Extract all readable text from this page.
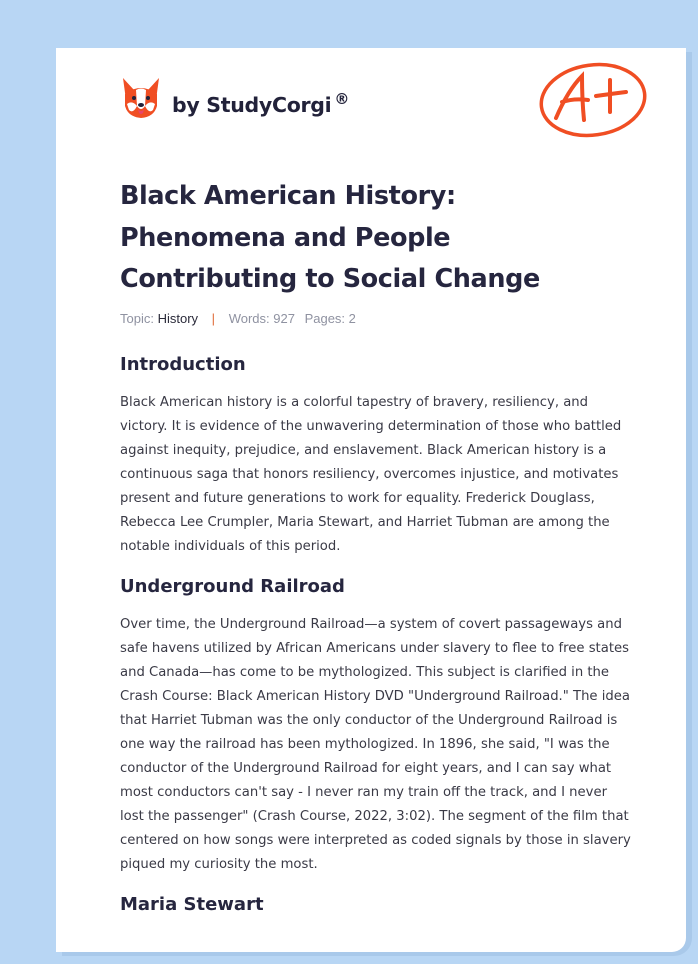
by StudyCorgi ®
A+
Black American History: Phenomena and People Contributing to Social Change
Topic: History | Words: 927 Pages: 2
Introduction

Black American history is a colorful tapestry of bravery, resiliency, and victory. It is evidence of the unwavering determination of those who battled against inequity, prejudice, and enslavement. Black American history is a continuous saga that honors resiliency, overcomes injustice, and motivates present and future generations to work for equality. Frederick Douglass, Rebecca Lee Crumpler, Maria Stewart, and Harriet Tubman are among the notable individuals of this period.

Underground Railroad

Over time, the Underground Railroad—a system of covert passageways and safe havens utilized by African Americans under slavery to flee to free states and Canada—has come to be mythologized. This subject is clarified in the Crash Course: Black American History DVD "Underground Railroad." The idea that Harriet Tubman was the only conductor of the Underground Railroad is one way the railroad has been mythologized. In 1896, she said, "I was the conductor of the Underground Railroad for eight years, and I can say what most conductors can't say - I never ran my train off the track, and I never lost the passenger" (Crash Course, 2022, 3:02). The segment of the film that centered on how songs were interpreted as coded signals by those in slavery piqued my curiosity the most.

Maria Stewart
